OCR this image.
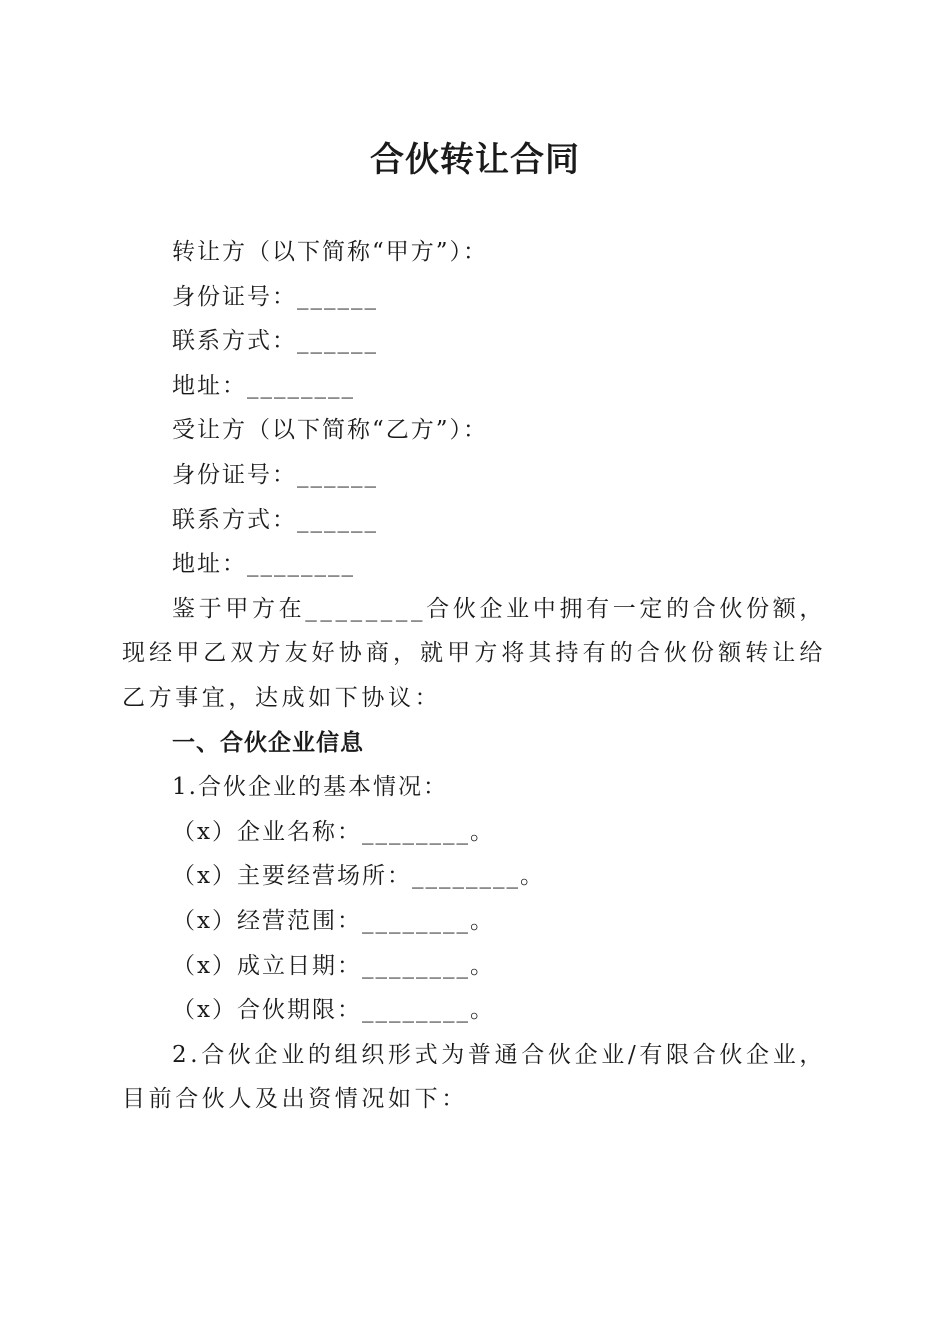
合伙转让合同
转让方（以下简称“甲方”）：
身份证号：______
联系方式：______
地址：________
受让方（以下简称“乙方”）：
身份证号：______
联系方式：______
地址：________
鉴于甲方在________合伙企业中拥有一定的合伙份额，现经甲乙双方友好协商，就甲方将其持有的合伙份额转让给乙方事宜，达成如下协议：
一、合伙企业信息
1.合伙企业的基本情况：
（x）企业名称：________。
（x）主要经营场所：________。
（x）经营范围：________。
（x）成立日期：________。
（x）合伙期限：________。
2.合伙企业的组织形式为普通合伙企业/有限合伙企业，目前合伙人及出资情况如下：
